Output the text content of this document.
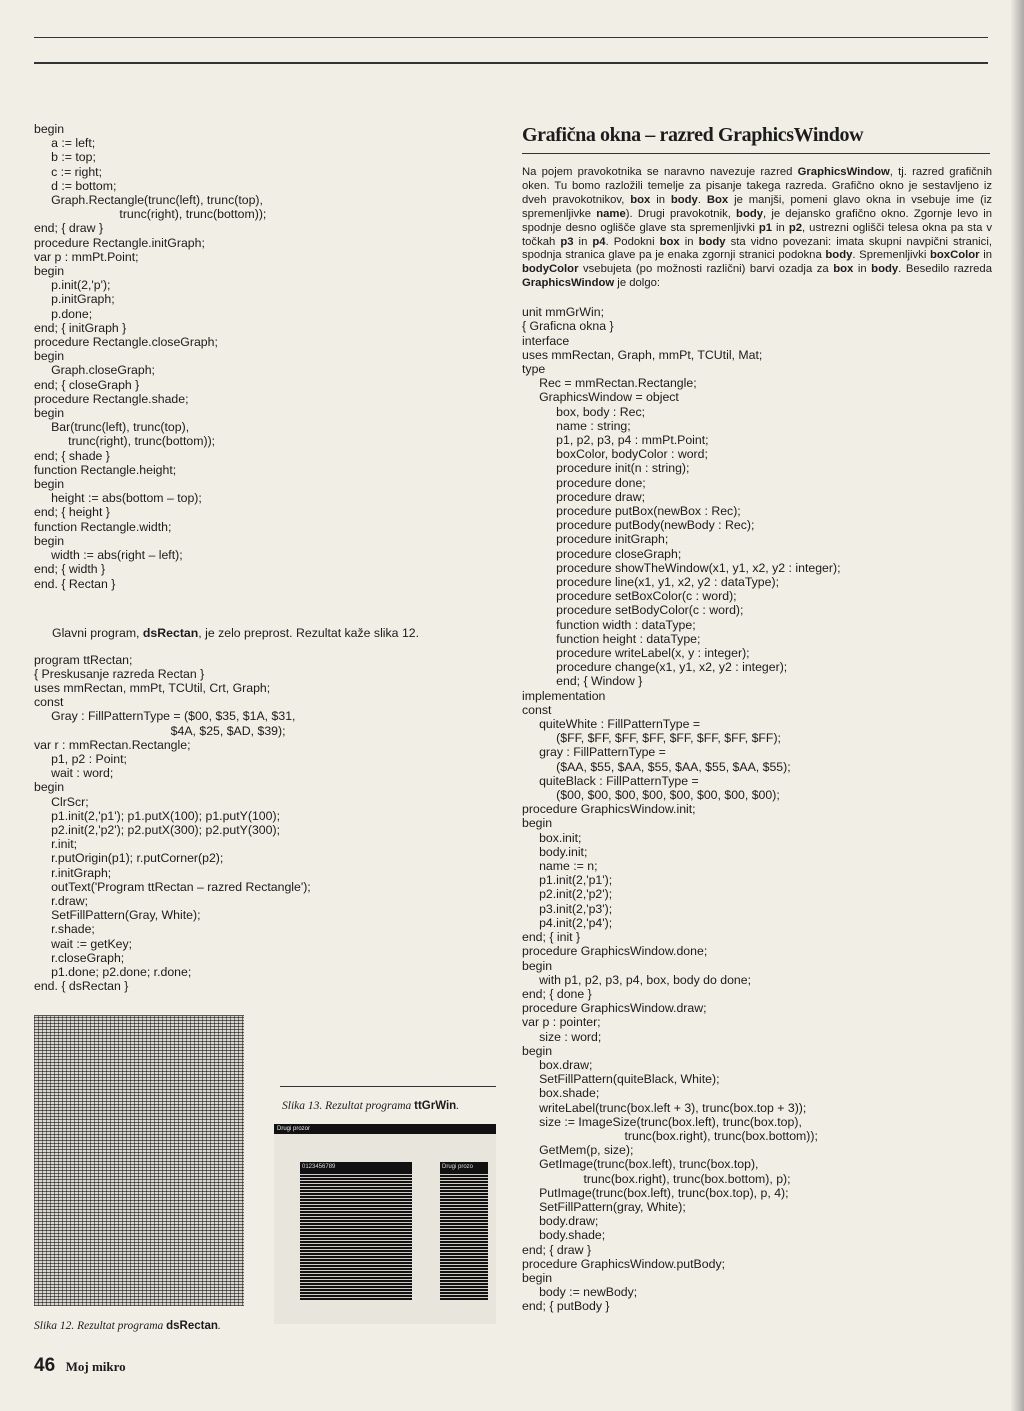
begin
a := left;
b := top;
c := right;
d := bottom;
Graph.Rectangle(trunc(left), trunc(top),
trunc(right), trunc(bottom));
end; { draw }
procedure Rectangle.initGraph;
var p : mmPt.Point;
begin
p.init(2,'p');
p.initGraph;
p.done;
end; { initGraph }
procedure Rectangle.closeGraph;
begin
Graph.closeGraph;
end; { closeGraph }
procedure Rectangle.shade;
begin
Bar(trunc(left), trunc(top),
trunc(right), trunc(bottom));
end; { shade }
function Rectangle.height;
begin
height := abs(bottom – top);
end; { height }
function Rectangle.width;
begin
width := abs(right – left);
end; { width }
end. { Rectan }

Glavni program, dsRectan, je zelo preprost. Rezultat kaže slika 12.

program ttRectan;
{ Preskusanje razreda Rectan }
uses mmRectan, mmPt, TCUtil, Crt, Graph;
const
Gray : FillPatternType = ($00, $35, $1A, $31,
$4A, $25, $AD, $39);
var r : mmRectan.Rectangle;
p1, p2 : Point;
wait : word;
begin
ClrScr;
p1.init(2,'p1'); p1.putX(100); p1.putY(100);
p2.init(2,'p2'); p2.putX(300); p2.putY(300);
r.init;
r.putOrigin(p1); r.putCorner(p2);
r.initGraph;
outText('Program ttRectan – razred Rectangle');
r.draw;
SetFillPattern(Gray, White);
r.shade;
wait := getKey;
r.closeGraph;
p1.done; p2.done; r.done;
end. { dsRectan }
Slika 12. Rezultat programa dsRectan.
Slika 13. Rezultat programa ttGrWin.
Drugi prozor
0123456789	Drugi prozo
Grafična okna – razred GraphicsWindow

Na pojem pravokotnika se naravno navezuje razred GraphicsWindow, tj. razred grafičnih oken. Tu bomo razložili temelje za pisanje takega razreda. Grafično okno je sestavljeno iz dveh pravokotnikov, box in body. Box je manjši, pomeni glavo okna in vsebuje ime (iz spremenljivke name). Drugi pravokotnik, body, je dejansko grafično okno. Zgornje levo in spodnje desno oglišče glave sta spremenljivki p1 in p2, ustrezni oglišči telesa okna pa sta v točkah p3 in p4. Podokni box in body sta vidno povezani: imata skupni navpični stranici, spodnja stranica glave pa je enaka zgornji stranici podokna body. Spremenljivki boxColor in bodyColor vsebujeta (po možnosti različni) barvi ozadja za box in body. Besedilo razreda GraphicsWindow je dolgo:

unit mmGrWin;
{ Graficna okna }
interface
uses mmRectan, Graph, mmPt, TCUtil, Mat;
type
Rec = mmRectan.Rectangle;
GraphicsWindow = object
box, body : Rec;
name : string;
p1, p2, p3, p4 : mmPt.Point;
boxColor, bodyColor : word;
procedure init(n : string);
procedure done;
procedure draw;
procedure putBox(newBox : Rec);
procedure putBody(newBody : Rec);
procedure initGraph;
procedure closeGraph;
procedure showTheWindow(x1, y1, x2, y2 : integer);
procedure line(x1, y1, x2, y2 : dataType);
procedure setBoxColor(c : word);
procedure setBodyColor(c : word);
function width : dataType;
function height : dataType;
procedure writeLabel(x, y : integer);
procedure change(x1, y1, x2, y2 : integer);
end; { Window }
implementation
const
quiteWhite : FillPatternType =
($FF, $FF, $FF, $FF, $FF, $FF, $FF, $FF);
gray : FillPatternType =
($AA, $55, $AA, $55, $AA, $55, $AA, $55);
quiteBlack : FillPatternType =
($00, $00, $00, $00, $00, $00, $00, $00);
procedure GraphicsWindow.init;
begin
box.init;
body.init;
name := n;
p1.init(2,'p1');
p2.init(2,'p2');
p3.init(2,'p3');
p4.init(2,'p4');
end; { init }
procedure GraphicsWindow.done;
begin
with p1, p2, p3, p4, box, body do done;
end; { done }
procedure GraphicsWindow.draw;
var p : pointer;
size : word;
begin
box.draw;
SetFillPattern(quiteBlack, White);
box.shade;
writeLabel(trunc(box.left + 3), trunc(box.top + 3));
size := ImageSize(trunc(box.left), trunc(box.top),
trunc(box.right), trunc(box.bottom));
GetMem(p, size);
GetImage(trunc(box.left), trunc(box.top),
trunc(box.right), trunc(box.bottom), p);
PutImage(trunc(box.left), trunc(box.top), p, 4);
SetFillPattern(gray, White);
body.draw;
body.shade;
end; { draw }
procedure GraphicsWindow.putBody;
begin
body := newBody;
end; { putBody }
46 Moj mikro
